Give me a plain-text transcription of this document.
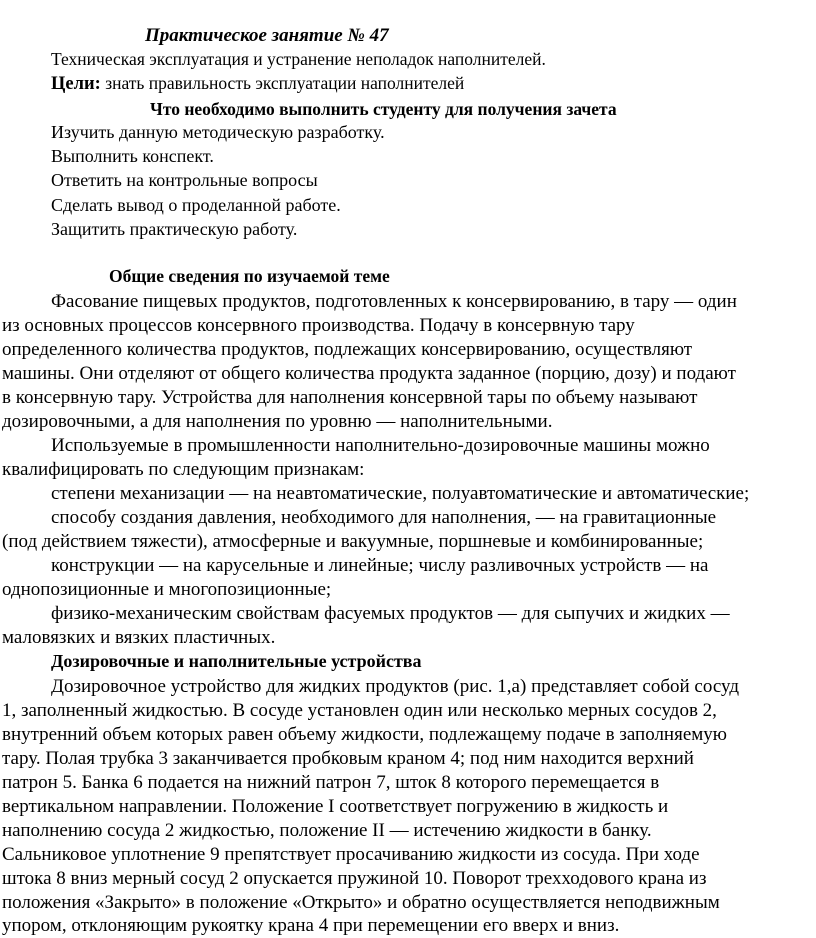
Практическое занятие № 47
Техническая эксплуатация и устранение неполадок наполнителей.
Цели: знать правильность эксплуатации наполнителей
Что необходимо выполнить студенту для получения зачета
Изучить данную методическую разработку.
Выполнить конспект.
Ответить на контрольные вопросы
Сделать вывод о проделанной работе.
Защитить практическую работу.
Общие сведения по изучаемой теме
Фасование пищевых продуктов, подготовленных к консервированию, в тару — один
из основных процессов консервного производства. Подачу в консервную тару
определенного количества продуктов, подлежащих консервированию, осуществляют
машины. Они отделяют от общего количества продукта заданное (порцию, дозу) и подают
в консервную тару. Устройства для наполнения консервной тары по объему называют
дозировочными, а для наполнения по уровню — наполнительными.
Используемые в промышленности наполнительно-дозировочные машины можно
квалифицировать по следующим признакам:
степени механизации — на неавтоматические, полуавтоматические и автоматические;
способу создания давления, необходимого для наполнения, — на гравитационные
(под действием тяжести), атмосферные и вакуумные, поршневые и комбинированные;
конструкции — на карусельные и линейные; числу разливочных устройств — на
однопозиционные и многопозиционные;
физико-механическим свойствам фасуемых продуктов — для сыпучих и жидких —
маловязких и вязких пластичных.
Дозировочные и наполнительные устройства
Дозировочное устройство для жидких продуктов (рис. 1,а) представляет собой сосуд
1, заполненный жидкостью. В сосуде установлен один или несколько мерных сосудов 2,
внутренний объем которых равен объему жидкости, подлежащему подаче в заполняемую
тару. Полая трубка 3 заканчивается пробковым краном 4; под ним находится верхний
патрон 5. Банка 6 подается на нижний патрон 7, шток 8 которого перемещается в
вертикальном направлении. Положение I соответствует погружению в жидкость и
наполнению сосуда 2 жидкостью, положение II — истечению жидкости в банку.
Сальниковое уплотнение 9 препятствует просачиванию жидкости из сосуда. При ходе
штока 8 вниз мерный сосуд 2 опускается пружиной 10. Поворот трехходового крана из
положения «Закрыто» в положение «Открыто» и обратно осуществляется неподвижным
упором, отклоняющим рукоятку крана 4 при перемещении его вверх и вниз.
